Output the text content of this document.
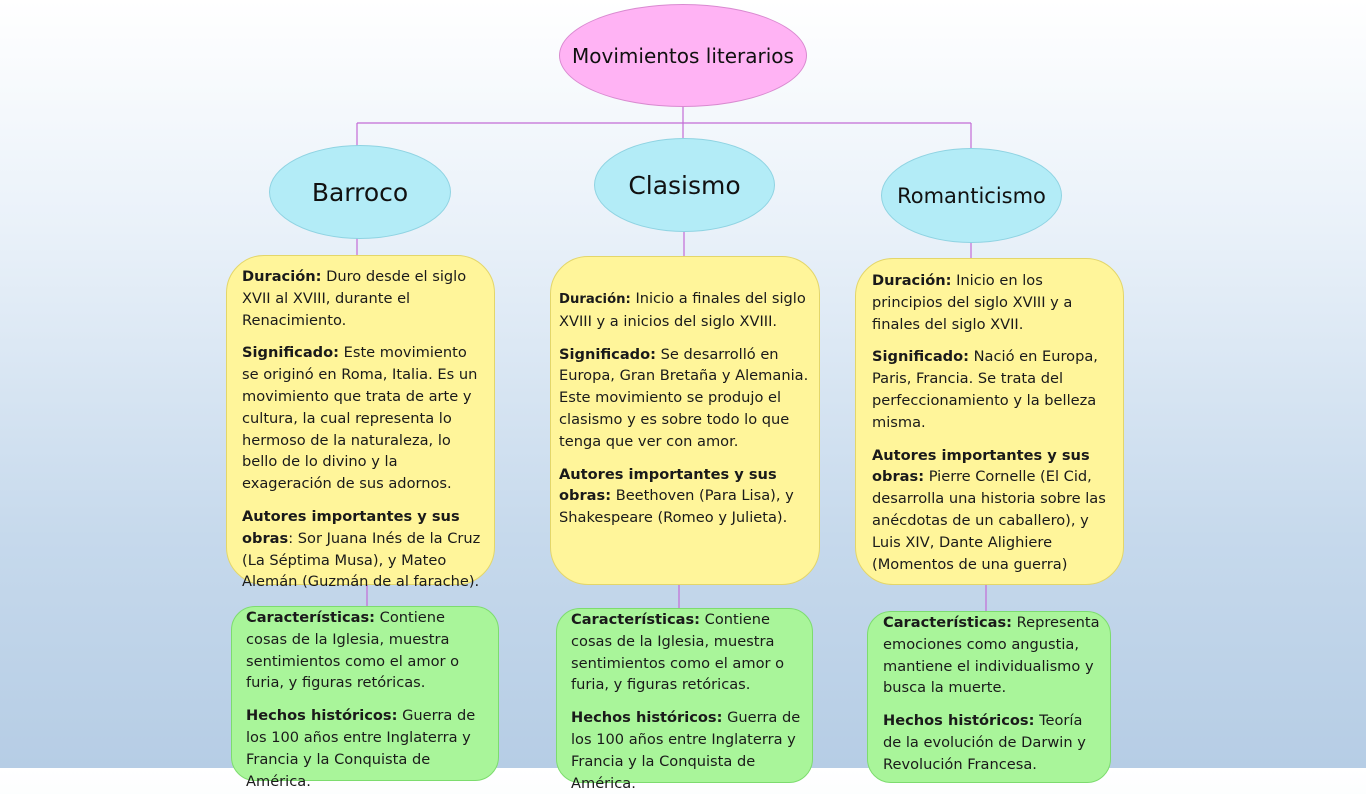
Movimientos literarios
Barroco	Clasismo	Romanticismo

Duración: Duro desde el siglo XVII al XVIII, durante el Renacimiento.

Significado: Este movimiento se originó en Roma, Italia. Es un movimiento que trata de arte y cultura, la cual representa lo hermoso de la naturaleza, lo bello de lo divino y la exageración de sus adornos.

Autores importantes y sus obras: Sor Juana Inés de la Cruz (La Séptima Musa), y Mateo Alemán (Guzmán de al farache).

Duración: Inicio a finales del siglo XVIII y a inicios del siglo XVIII.

Significado: Se desarrolló en Europa, Gran Bretaña y Alemania. Este movimiento se produjo el clasismo y es sobre todo lo que tenga que ver con amor.

Autores importantes y sus obras: Beethoven (Para Lisa), y Shakespeare (Romeo y Julieta).

Duración: Inicio en los principios del siglo XVIII y a finales del siglo XVII.

Significado: Nació en Europa, Paris, Francia. Se trata del perfeccionamiento y la belleza misma.

Autores importantes y sus obras: Pierre Cornelle (El Cid, desarrolla una historia sobre las anécdotas de un caballero), y Luis XIV, Dante Alighiere (Momentos de una guerra)

Características: Contiene cosas de la Iglesia, muestra sentimientos como el amor o furia, y figuras retóricas.

Hechos históricos: Guerra de los 100 años entre Inglaterra y Francia y la Conquista de América.

Características: Contiene cosas de la Iglesia, muestra sentimientos como el amor o furia, y figuras retóricas.

Hechos históricos: Guerra de los 100 años entre Inglaterra y Francia y la Conquista de América.

Características: Representa emociones como angustia, mantiene el individualismo y busca la muerte.

Hechos históricos: Teoría de la evolución de Darwin y Revolución Francesa.
